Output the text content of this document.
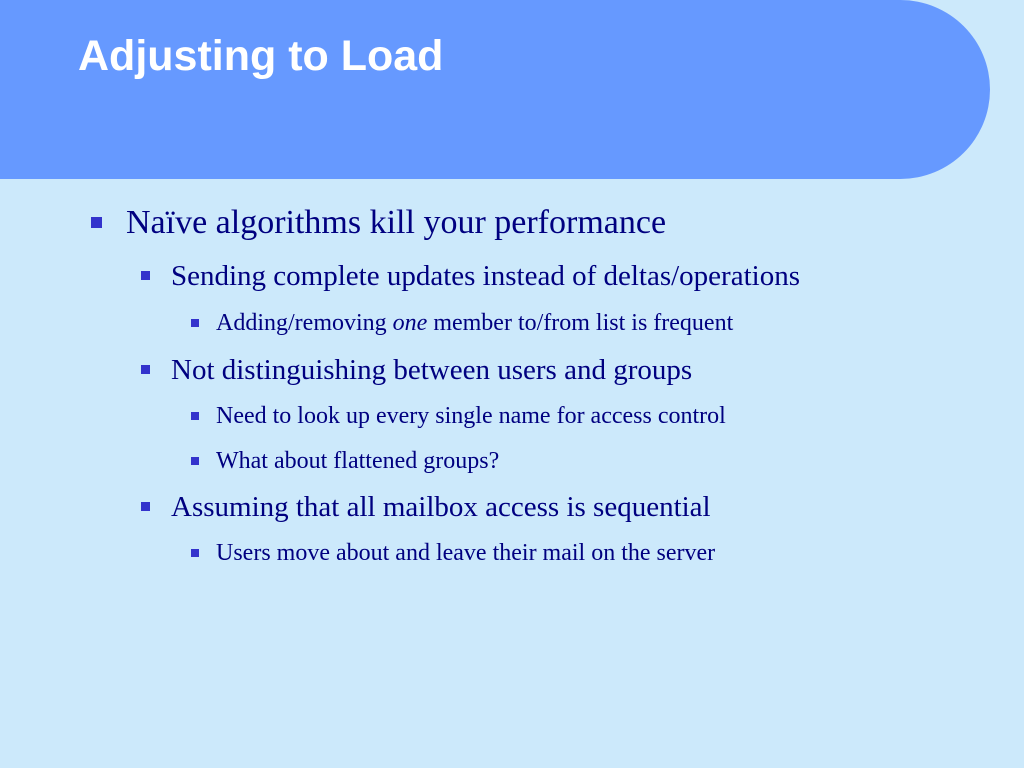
Adjusting to Load
Naïve algorithms kill your performance
Sending complete updates instead of deltas/operations
Adding/removing one member to/from list is frequent
Not distinguishing between users and groups
Need to look up every single name for access control
What about flattened groups?
Assuming that all mailbox access is sequential
Users move about and leave their mail on the server
